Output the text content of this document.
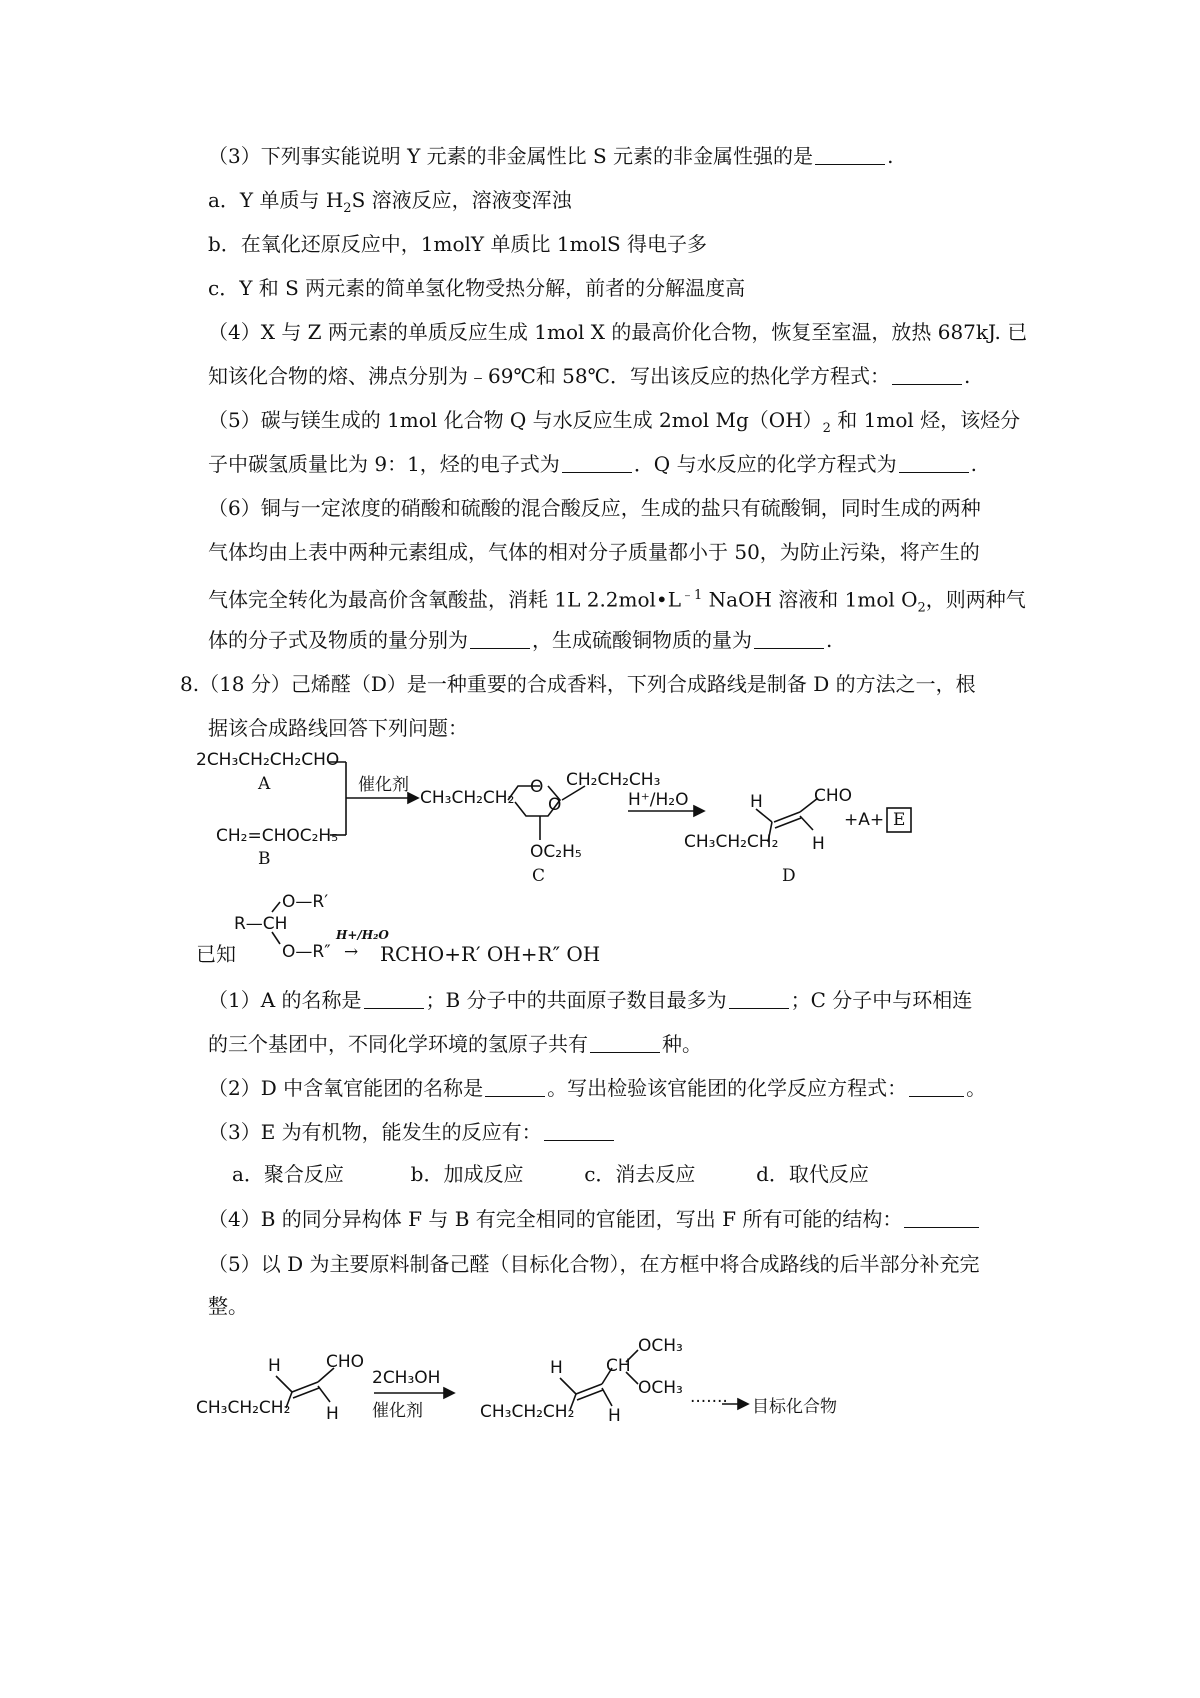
（3）下列事实能说明 Y 元素的非金属性比 S 元素的非金属性强的是	.
a．Y 单质与 $H_2S$ 溶液反应，溶液变浑浊
b．在氧化还原反应中，1molY 单质比 1molS 得电子多
c．Y 和 S 两元素的简单氢化物受热分解，前者的分解温度高
（4）X 与 Z 两元素的单质反应生成 1mol X 的最高价化合物，恢复至室温，放热 687kJ. 已
知该化合物的熔、沸点分别为﹣69℃和 58℃．写出该反应的热化学方程式：	.
（5）碳与镁生成的 1mol 化合物 Q 与水反应生成 2mol $Mg(OH)_2$ 和 1mol 烃，该烃分
子中碳氢质量比为 9：1，烃的电子式为	．Q 与水反应的化学方程式为	.
（6）铜与一定浓度的硝酸和硫酸的混合酸反应，生成的盐只有硫酸铜，同时生成的两种
气体均由上表中两种元素组成，气体的相对分子质量都小于 50，为防止污染，将产生的
气体完全转化为最高价含氧酸盐，消耗 1L $2.2mol•L^{﹣1}$ NaOH 溶液和 1mol $O_2$，则两种气
体的分子式及物质的量分别为	，生成硫酸铜物质的量为	.
8.（18 分）己烯醛（D）是一种重要的合成香料，下列合成路线是制备 D 的方法之一，根
据该合成路线回答下列问题：
2CH₃CH₂CH₂CHO
A
CH₂=CHOC₂H₅
B
催化剂
CH₃CH₂CH₂
O
O
CH₂CH₂CH₃
OC₂H₅
C
H⁺/H₂O	H	CHO
H
CH₃CH₂CH₂
D
+A+ E
已知
O—R′
R—CH
O—R″
H+/H₂O
→ RCHO+R′ OH+R″ OH
（1）A 的名称是	；B 分子中的共面原子数目最多为	；C 分子中与环相连
的三个基团中，不同化学环境的氢原子共有	种。
（2）D 中含氧官能团的名称是	。写出检验该官能团的化学反应方程式：	。
（3）E 为有机物，能发生的反应有：
a．聚合反应	b．加成反应	c．消去反应	d．取代反应
（4）B 的同分异构体 F 与 B 有完全相同的官能团，写出 F 所有可能的结构：
（5）以 D 为主要原料制备己醛（目标化合物），在方框中将合成路线的后半部分补充完
整。
H	CHO
H
CH₃CH₂CH₂
2CH₃OH
催化剂
H	CH
OCH₃
OCH₃
H
CH₃CH₂CH₂	······· 目标化合物
